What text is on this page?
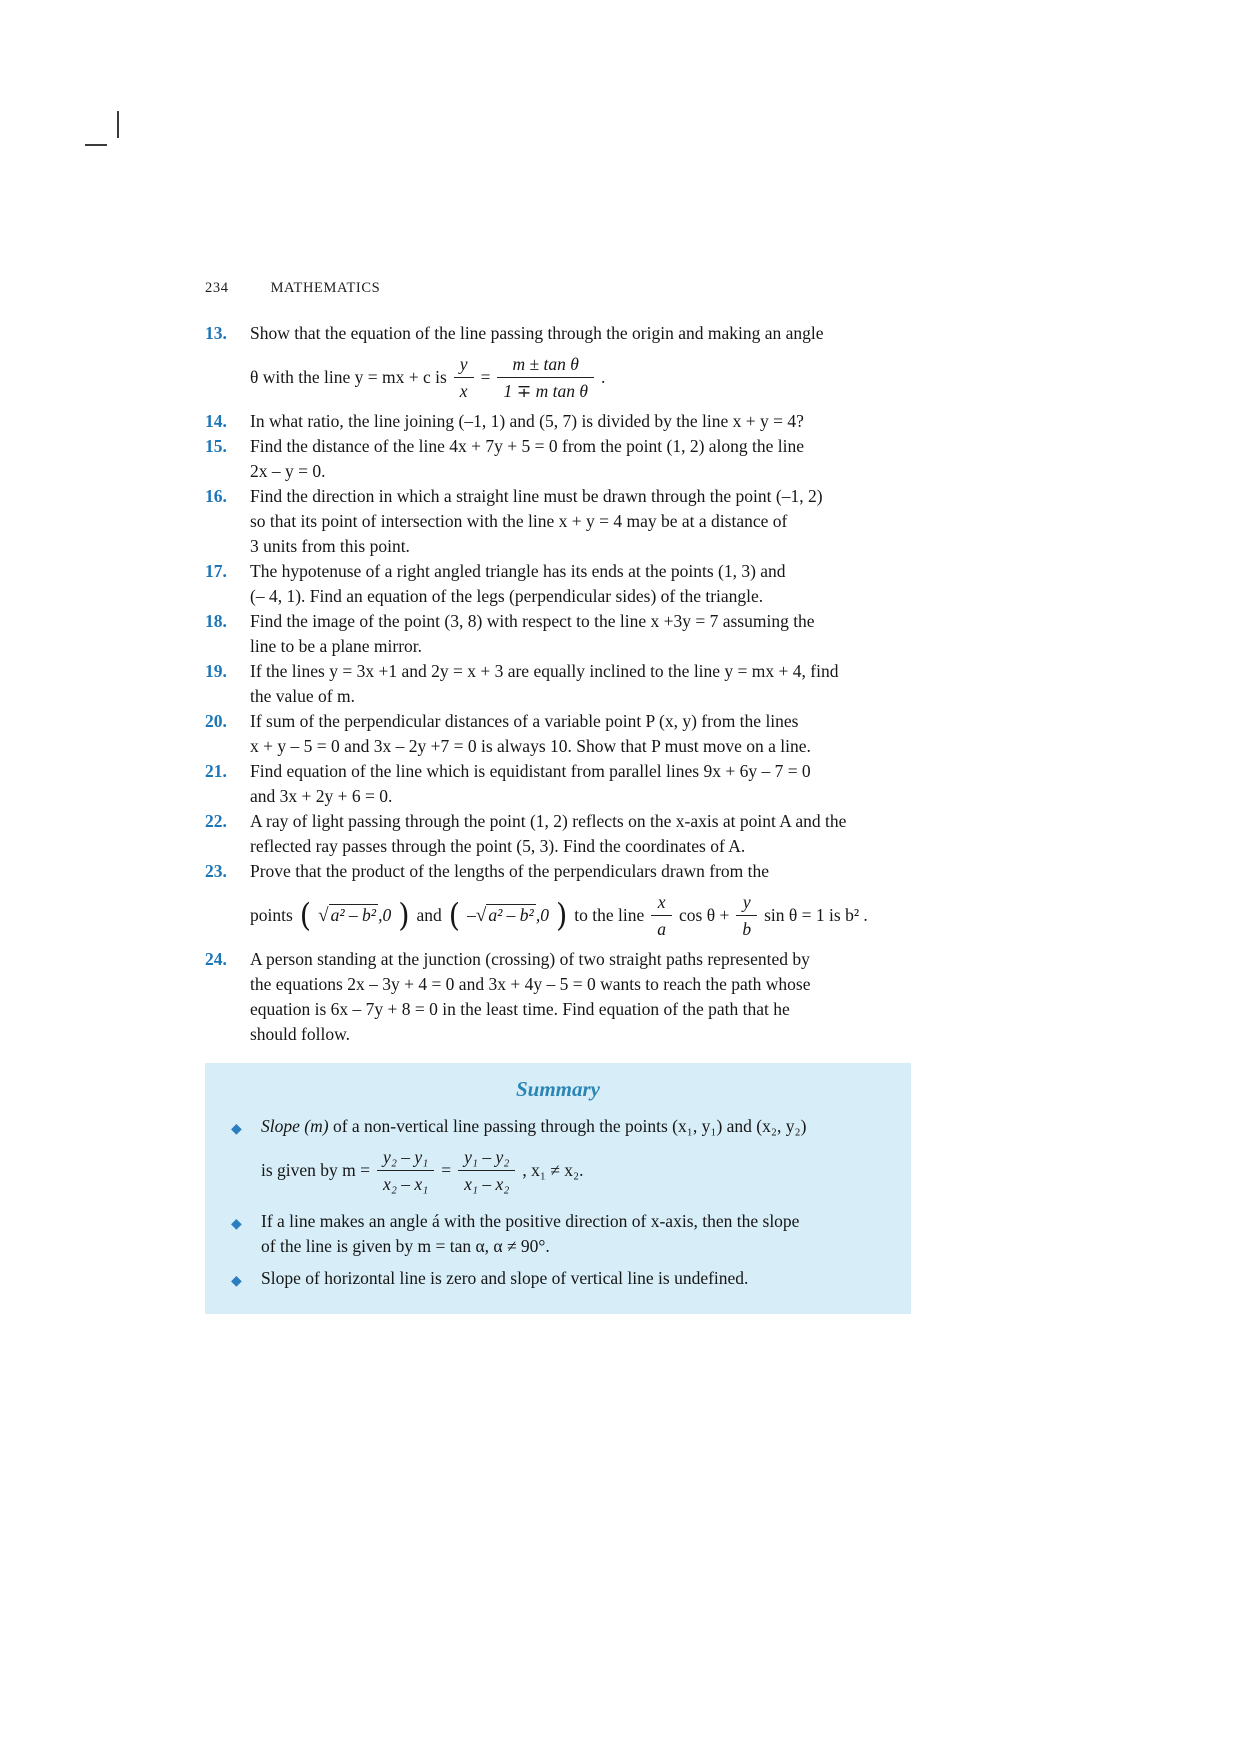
234	MATHEMATICS
13.	Show that the equation of the line passing through the origin and making an angle
θ with the line y = mx + c is $\frac{y}{x} = \frac{\text{m ± tan θ}}{\text{1 ∓ m tan θ}}$ .
14.	In what ratio, the line joining (–1, 1) and (5, 7) is divided by the line x + y = 4?
15.	Find the distance of the line 4x + 7y + 5 = 0 from the point (1, 2) along the line
2x – y = 0.
16.	Find the direction in which a straight line must be drawn through the point (–1, 2)
so that its point of intersection with the line x + y = 4 may be at a distance of
3 units from this point.
17.	The hypotenuse of a right angled triangle has its ends at the points (1, 3) and
(– 4, 1). Find an equation of the legs (perpendicular sides) of the triangle.
18.	Find the image of the point (3, 8) with respect to the line x +3y = 7 assuming the
line to be a plane mirror.
19.	If the lines y = 3x +1 and 2y = x + 3 are equally inclined to the line y = mx + 4, find
the value of m.
20.	If sum of the perpendicular distances of a variable point P (x, y) from the lines
x + y – 5 = 0 and 3x – 2y +7 = 0 is always 10. Show that P must move on a line.
21.	Find equation of the line which is equidistant from parallel lines 9x + 6y – 7 = 0
and 3x + 2y + 6 = 0.
22.	A ray of light passing through the point (1, 2) reflects on the x-axis at point A and the
reflected ray passes through the point (5, 3). Find the coordinates of A.
23.	Prove that the product of the lengths of the perpendiculars drawn from the
points ( √ a² – b² ,0 ) and ( –√ a² – b² ,0 ) to the line $\frac{x}{a}$ $\cos \theta + \frac{y}{b}$ sin θ = 1 is b² .
24.	A person standing at the junction (crossing) of two straight paths represented by
the equations 2x – 3y + 4 = 0 and 3x + 4y – 5 = 0 wants to reach the path whose
equation is 6x – 7y + 8 = 0 in the least time. Find equation of the path that he
should follow.
Summary
◆	Slope (m) of a non-vertical line passing through the points (x₁, y₁) and (x₂, y₂)
is given by $m = \frac{\text{y₂ – y₁}}{\text{x₂ – x₁}} = \frac{\text{y₁ – y₂}}{\text{x₁ – x₂}}$ , x₁ ≠ x₂.
◆	If a line makes an angle á with the positive direction of x-axis, then the slope
of the line is given by m = tan α, α ≠ 90°.
◆	Slope of horizontal line is zero and slope of vertical line is undefined.
